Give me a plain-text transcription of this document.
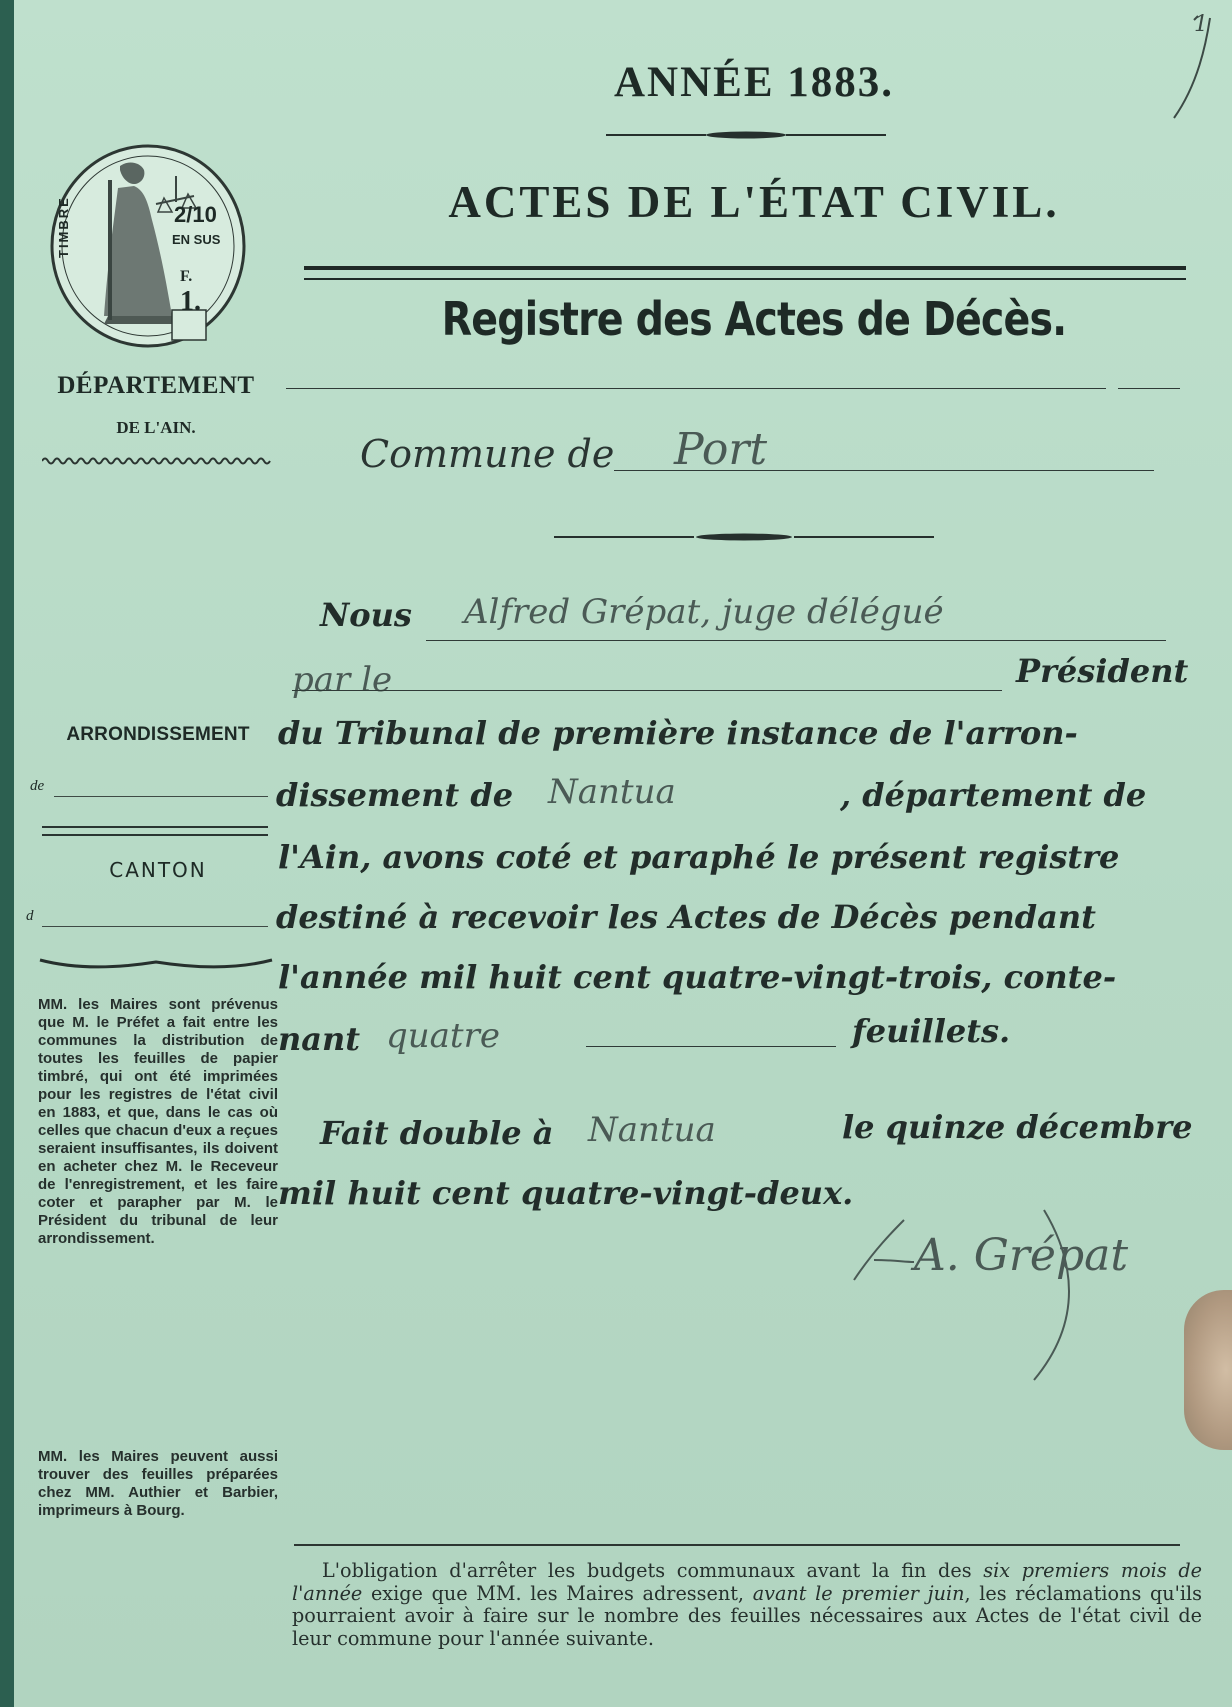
1
TIMBRE	2/10
EN SUS
F.
1.
DÉPARTEMENT
DE L'AIN.
ARRONDISSEMENT
de
CANTON
d
MM. les Maires sont prévenus que M. le Préfet a fait entre les communes la distribution de toutes les feuilles de papier timbré, qui ont été imprimées pour les registres de l'état civil en 1883, et que, dans le cas où celles que chacun d'eux a reçues seraient insuffisantes, ils doivent en acheter chez M. le Receveur de l'enregistrement, et les faire coter et parapher par M. le Président du tribunal de leur arrondissement.
MM. les Maires peuvent aussi trouver des feuilles préparées chez MM. Authier et Barbier, imprimeurs à Bourg.
ANNÉE 1883.
ACTES DE L'ÉTAT CIVIL.
Registre des Actes de Décès.
Commune de Port
Nous Alfred Grépat, juge délégué
par le	Président
du Tribunal de première instance de l'arron-
dissement de Nantua	, département de
l'Ain, avons coté et paraphé le présent registre
destiné à recevoir les Actes de Décès pendant
l'année mil huit cent quatre-vingt-trois, conte-
nant quatre	feuillets.
Fait double à Nantua	le quinze décembre
mil huit cent quatre-vingt-deux.
A. Grépat
L'obligation d'arrêter les budgets communaux avant la fin des six premiers mois de l'année exige que MM. les Maires adressent, avant le premier juin, les réclamations qu'ils pourraient avoir à faire sur le nombre des feuilles nécessaires aux Actes de l'état civil de leur commune pour l'année suivante.
